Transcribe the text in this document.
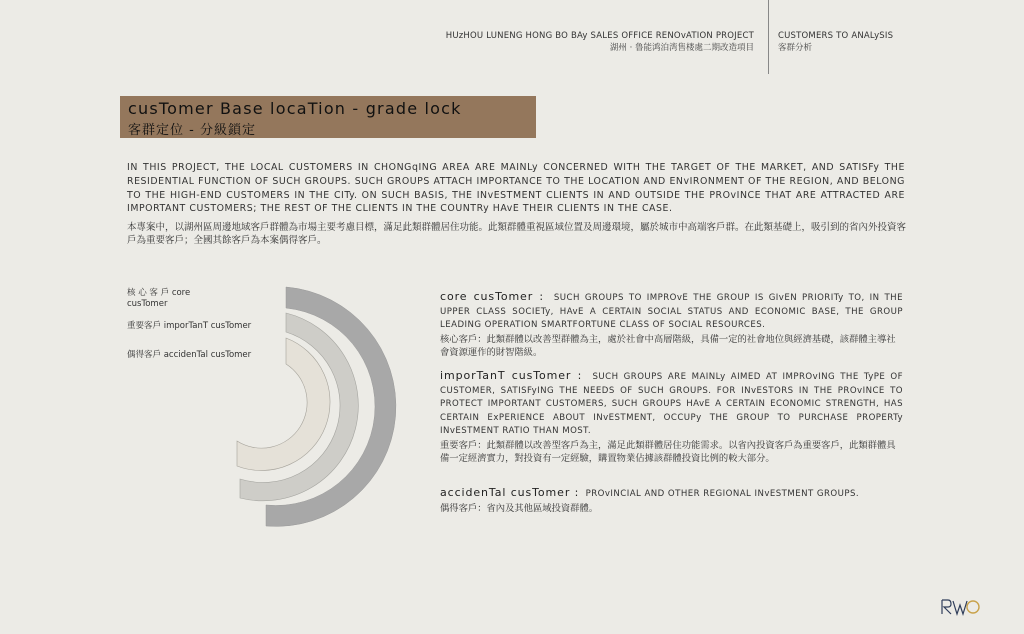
HUzHOU LUNENG HONG BO BAy SALES OFFICE RENOvATION PROJECT
湖州 · 鲁能鸿泊湾售楼處二期改造項目
CUSTOMERS TO ANALySIS
客群分析
cusTomer Base locaTion - grade lock
客群定位 - 分級鎖定
IN THIS PROJECT, THE LOCAL CUSTOMERS IN CHONGqING AREA ARE MAINLy CONCERNED WITH THE TARGET OF THE MARKET, AND SATISFy THE RESIDENTIAL FUNCTION OF SUCH GROUPS. SUCH GROUPS ATTACH IMPORTANCE TO THE LOCATION AND ENvIRONMENT OF THE REGION, AND BELONG TO THE HIGH-END CUSTOMERS IN THE CITy. ON SUCH BASIS, THE INvESTMENT CLIENTS IN AND OUTSIDE THE PROvINCE THAT ARE ATTRACTED ARE IMPORTANT CUSTOMERS; THE REST OF THE CLIENTS IN THE COUNTRy HAvE THEIR CLIENTS IN THE CASE.
本專案中，以湖州區周邊地域客戶群體為市場主要考慮目標，滿足此類群體居住功能。此類群體重視區域位置及周邊環境，屬於城市中高端客戶群。在此類基礎上，吸引到的省內外投資客戶為重要客戶；全國其餘客戶為本案偶得客戶。
核 心 客 戶 core cusTomer
重要客戶 imporTanT cusTomer
偶得客戶 accidenTal cusTomer
core cusTomer : SUCH GROUPS TO IMPROvE THE GROUP IS GIvEN PRIORITy TO, IN THE UPPER CLASS SOCIETy, HAvE A CERTAIN SOCIAL STATUS AND ECONOMIC BASE, THE GROUP LEADING OPERATION SMARTFORTUNE CLASS OF SOCIAL RESOURCES.
核心客戶：此類群體以改善型群體為主，處於社會中高層階級，具備一定的社會地位與經濟基礎，該群體主導社會資源運作的財智階級。
imporTanT cusTomer : SUCH GROUPS ARE MAINLy AIMED AT IMPROvING THE TyPE OF CUSTOMER, SATISFyING THE NEEDS OF SUCH GROUPS. FOR INvESTORS IN THE PROvINCE TO PROTECT IMPORTANT CUSTOMERS, SUCH GROUPS HAvE A CERTAIN ECONOMIC STRENGTH, HAS CERTAIN ExPERIENCE ABOUT INvESTMENT, OCCUPy THE GROUP TO PURCHASE PROPERTy INvESTMENT RATIO THAN MOST.
重要客戶：此類群體以改善型客戶為主，滿足此類群體居住功能需求。以省內投資客戶為重要客戶，此類群體具備一定經濟實力，對投資有一定經驗，購置物業佔據該群體投資比例的較大部分。
accidenTal cusTomer : PROvINCIAL AND OTHER REGIONAL INvESTMENT GROUPS.
偶得客戶：省內及其他區域投資群體。
